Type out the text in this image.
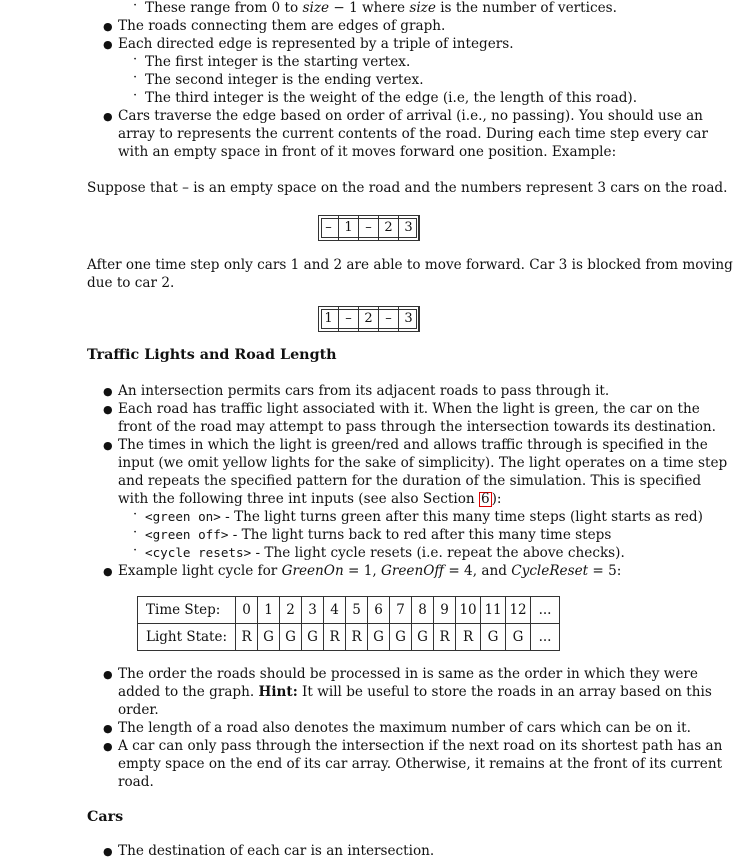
· These range from 0 to size − 1 where size is the number of vertices.
● The roads connecting them are edges of graph.
● Each directed edge is represented by a triple of integers.
· The first integer is the starting vertex.
· The second integer is the ending vertex.
· The third integer is the weight of the edge (i.e, the length of this road).
● Cars traverse the edge based on order of arrival (i.e., no passing). You should use an
array to represents the current contents of the road. During each time step every car
with an empty space in front of it moves forward one position. Example:
Suppose that – is an empty space on the road and the numbers represent 3 cars on the road.
– 1 – 2 3
After one time step only cars 1 and 2 are able to move forward. Car 3 is blocked from moving
due to car 2.
1 – 2 – 3
Traffic Lights and Road Length
● An intersection permits cars from its adjacent roads to pass through it.
● Each road has traffic light associated with it. When the light is green, the car on the
front of the road may attempt to pass through the intersection towards its destination.
● The times in which the light is green/red and allows traffic through is specified in the
input (we omit yellow lights for the sake of simplicity). The light operates on a time step
and repeats the specified pattern for the duration of the simulation. This is specified
with the following three int inputs (see also Section 6 ):
· <green on> - The light turns green after this many time steps (light starts as red)
· <green off> - The light turns back to red after this many time steps
· <cycle resets> - The light cycle resets (i.e. repeat the above checks).
● Example light cycle for GreenOn = 1, GreenOff = 4, and CycleReset = 5:
Time Step:	0	1	2	3	4	5	6	7	8	9	10	11	12	...
Light State:	R	G	G	G	R	R	G	G	G	R	R	G	G	...
● The order the roads should be processed in is same as the order in which they were
added to the graph. Hint: It will be useful to store the roads in an array based on this
order.
● The length of a road also denotes the maximum number of cars which can be on it.
● A car can only pass through the intersection if the next road on its shortest path has an
empty space on the end of its car array. Otherwise, it remains at the front of its current
road.
Cars
● The destination of each car is an intersection.
